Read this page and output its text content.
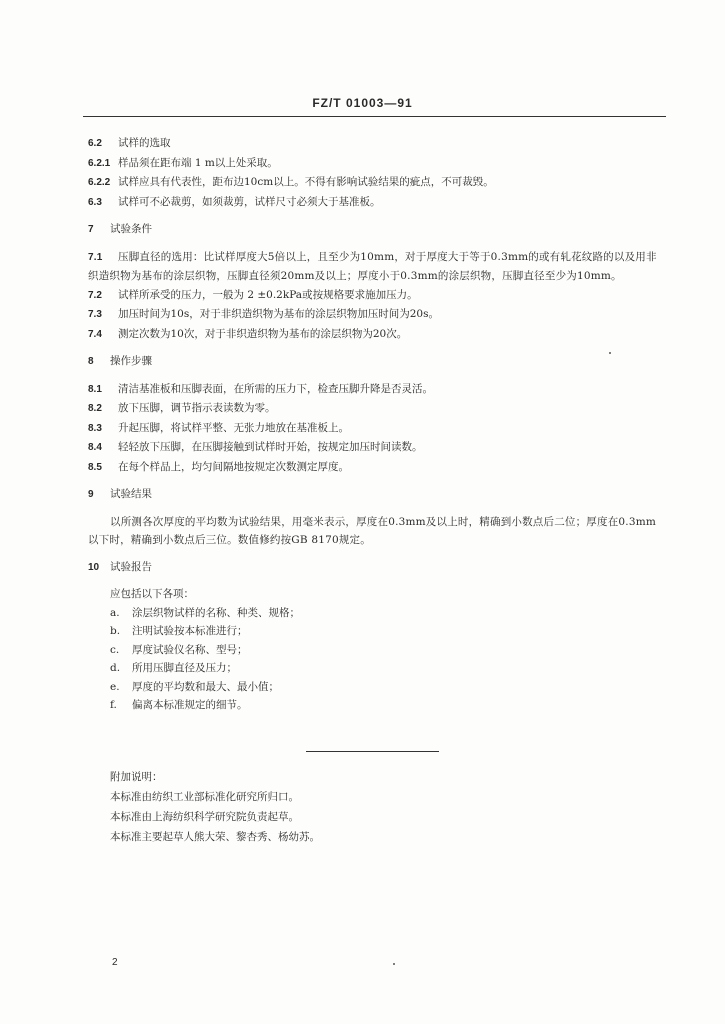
FZ/T 01003—91
6.2 试样的选取
6.2.1 样品须在距布端 1 m以上处采取。
6.2.2 试样应具有代表性，距布边10cm以上。不得有影响试验结果的疵点，不可裁毁。
6.3 试样可不必裁剪，如须裁剪，试样尺寸必须大于基准板。
7 试验条件
7.1 压脚直径的选用：比试样厚度大5倍以上，且至少为10mm，对于厚度大于等于0.3mm的或有轧花纹路的以及用非织造织物为基布的涂层织物，压脚直径须20mm及以上；厚度小于0.3mm的涂层织物，压脚直径至少为10mm。
7.2 试样所承受的压力，一般为 2 ±0.2kPa或按规格要求施加压力。
7.3 加压时间为10s，对于非织造织物为基布的涂层织物加压时间为20s。
7.4 测定次数为10次，对于非织造织物为基布的涂层织物为20次。
8 操作步骤
8.1 清洁基准板和压脚表面，在所需的压力下，检查压脚升降是否灵活。
8.2 放下压脚，调节指示表读数为零。
8.3 升起压脚，将试样平整、无张力地放在基准板上。
8.4 轻轻放下压脚，在压脚接触到试样时开始，按规定加压时间读数。
8.5 在每个样品上，均匀间隔地按规定次数测定厚度。
9 试验结果
以所测各次厚度的平均数为试验结果，用毫米表示，厚度在0.3mm及以上时，精确到小数点后二位；厚度在0.3mm以下时，精确到小数点后三位。数值修约按GB 8170规定。
10 试验报告
应包括以下各项：
a. 涂层织物试样的名称、种类、规格；
b. 注明试验按本标准进行；
c. 厚度试验仪名称、型号；
d. 所用压脚直径及压力；
e. 厚度的平均数和最大、最小值；
f. 偏离本标准规定的细节。
附加说明：
本标准由纺织工业部标准化研究所归口。
本标准由上海纺织科学研究院负责起草。
本标准主要起草人熊大荣、黎杏秀、杨幼苏。
2
